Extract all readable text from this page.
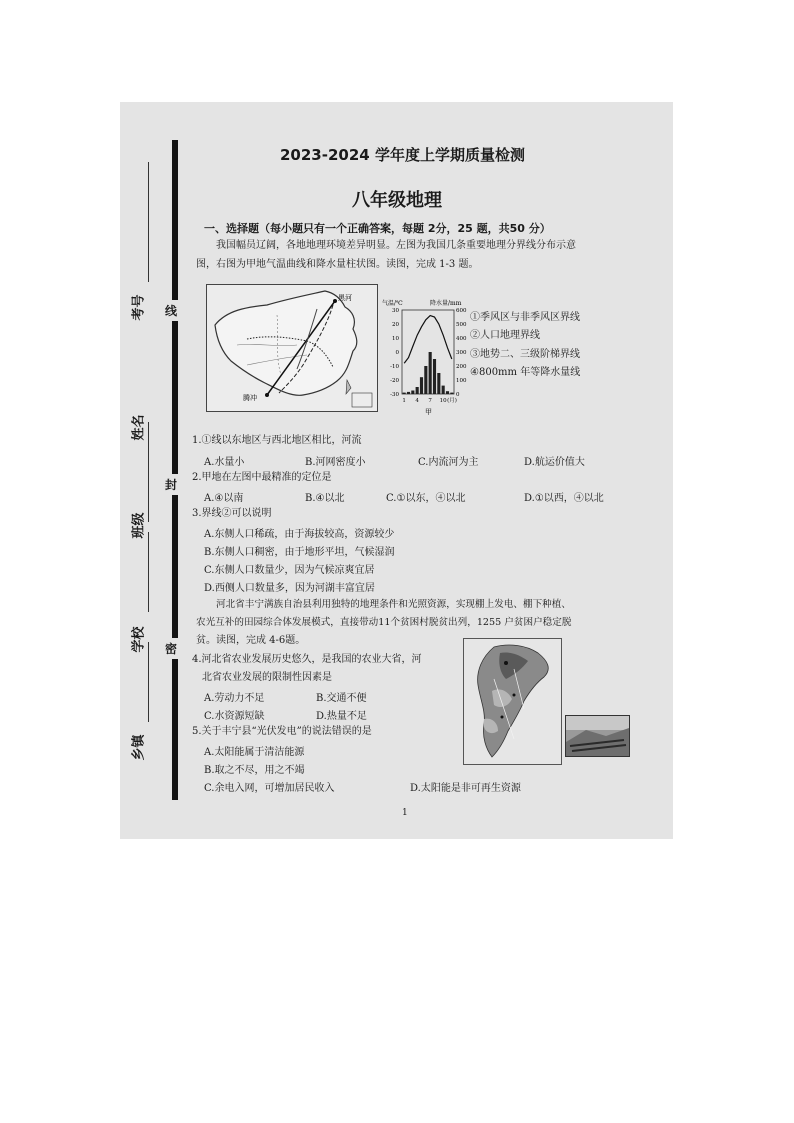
考号
姓名
班级
学校
乡镇
线
封
密
2023-2024 学年度上学期质量检测
八年级地理
一、选择题（每小题只有一个正确答案，每题 2分，25 题，共50 分）
我国幅员辽阔，各地地理环境差异明显。左图为我国几条重要地理分界线分布示意
图，右图为甲地气温曲线和降水量柱状图。读图，完成 1-3 题。
黑河
腾冲
气温/℃	降水量/mm
30
20
10
0
-10
-20
-30
600
500
400
300
200
100
0
1 4 7 10 (月)
甲
①季风区与非季风区界线
②人口地理界线
③地势二、三级阶梯界线
④800mm 年等降水量线
1.①线以东地区与西北地区相比，河流
A.水量小	B.河网密度小	C.内流河为主	D.航运价值大
2.甲地在左图中最精准的定位是
A.④以南	B.④以北	C.①以东，④以北	D.①以西，④以北
3.界线②可以说明
A.东侧人口稀疏，由于海拔较高，资源较少
B.东侧人口稠密，由于地形平坦，气候湿润
C.东侧人口数量少，因为气候凉爽宜居
D.西侧人口数量多，因为河湖丰富宜居
河北省丰宁满族自治县利用独特的地理条件和光照资源，实现棚上发电、棚下种植、
农光互补的田园综合体发展模式，直接带动11个贫困村脱贫出列，1255 户贫困户稳定脱
贫。读图，完成 4-6题。
4.河北省农业发展历史悠久，是我国的农业大省，河
北省农业发展的限制性因素是
A.劳动力不足	B.交通不便
C.水资源短缺	D.热量不足
5.关于丰宁县“光伏发电”的说法错误的是
A.太阳能属于清洁能源
B.取之不尽，用之不竭
C.余电入网，可增加居民收入	D.太阳能是非可再生资源
1
